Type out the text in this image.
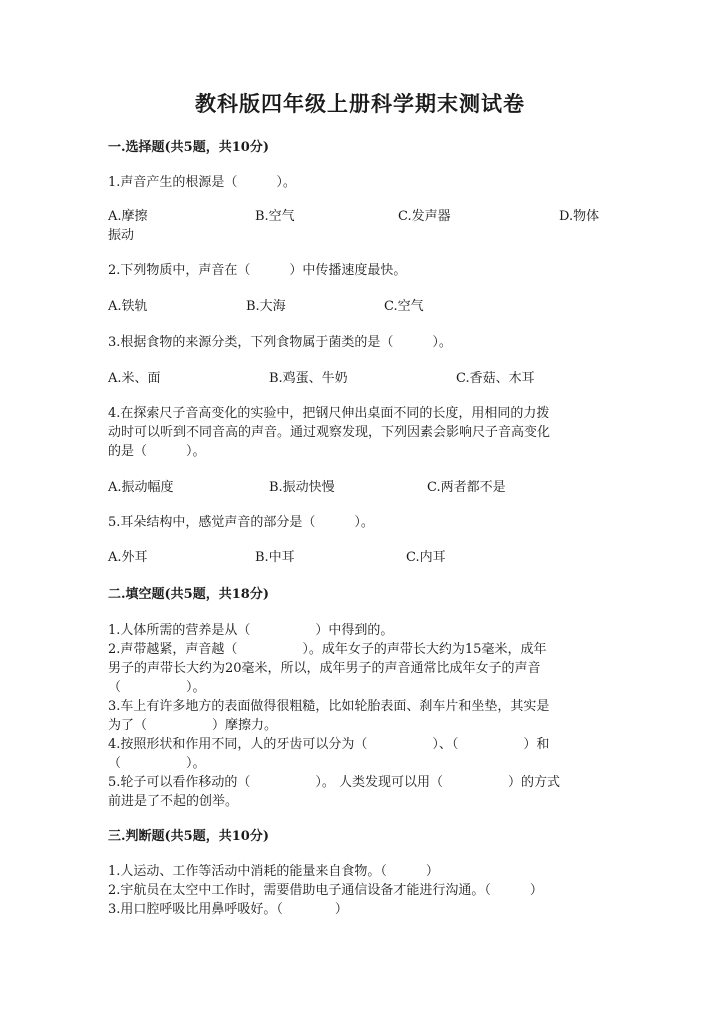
教科版四年级上册科学期末测试卷
一.选择题(共5题，共10分)
1.声音产生的根源是（　　　）。
A.摩擦	B.空气	C.发声器	D.物体
振动
2.下列物质中，声音在（　　　）中传播速度最快。
A.铁轨	B.大海	C.空气
3.根据食物的来源分类，下列食物属于菌类的是（　　　）。
A.米、面	B.鸡蛋、牛奶	C.香菇、木耳
4.在探索尺子音高变化的实验中，把钢尺伸出桌面不同的长度，用相同的力拨
动时可以听到不同音高的声音。通过观察发现，下列因素会影响尺子音高变化
的是（　　　）。
A.振动幅度	B.振动快慢	C.两者都不是
5.耳朵结构中，感觉声音的部分是（　　　）。
A.外耳	B.中耳	C.内耳
二.填空题(共5题，共18分)
1.人体所需的营养是从（　　　　　）中得到的。
2.声带越紧，声音越（　　　　　）。成年女子的声带长大约为15毫米，成年
男子的声带长大约为20毫米，所以，成年男子的声音通常比成年女子的声音
（　　　　　）。
3.车上有许多地方的表面做得很粗糙，比如轮胎表面、刹车片和坐垫，其实是
为了（　　　　　）摩擦力。
4.按照形状和作用不同，人的牙齿可以分为（　　　　　）、（　　　　　）和
（　　　　　）。
5.轮子可以看作移动的（　　　　　）。 人类发现可以用（　　　　　）的方式
前进是了不起的创举。
三.判断题(共5题，共10分)
1.人运动、工作等活动中消耗的能量来自食物。（　　　）
2.宇航员在太空中工作时，需要借助电子通信设备才能进行沟通。（　　　）
3.用口腔呼吸比用鼻呼吸好。（　　　　）
